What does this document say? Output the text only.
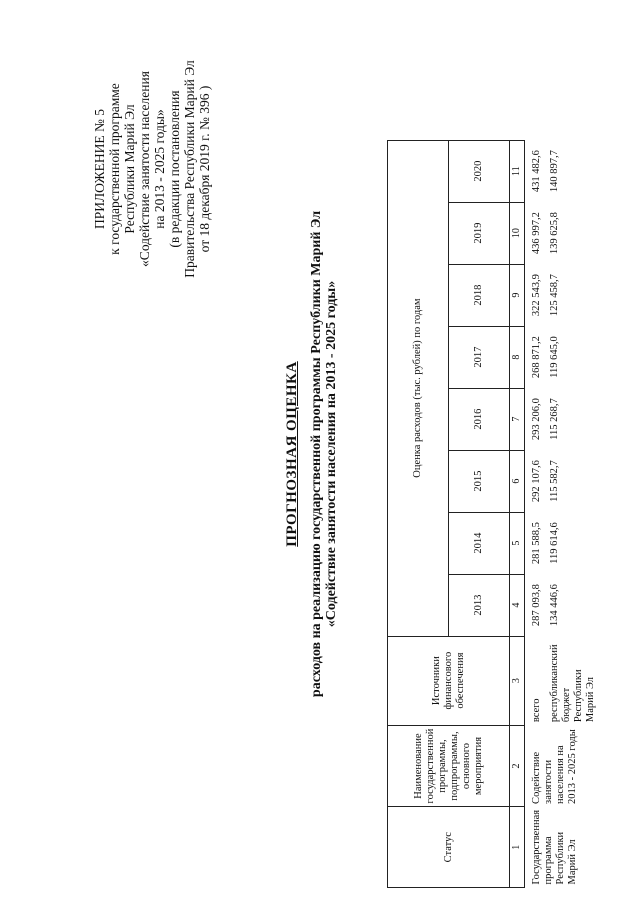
ПРИЛОЖЕНИЕ № 5 к государственной программе Республики Марий Эл «Содействие занятости населения на 2013 - 2025 годы» (в редакции постановления Правительства Республики Марий Эл от 18 декабря 2019 г. № 396 )
ПРОГНОЗНАЯ ОЦЕНКА расходов на реализацию государственной программы Республики Марий Эл «Содействие занятости населения на 2013 - 2025 годы»
Статус	Наименование государственной программы, подпрограммы, основного мероприятия	Источники финансового обеспечения	Оценка расходов (тыс. рублей) по годам							
			2013	2014	2015	2016	2017	2018	2019	2020
1	2	3	4	5	6	7	8	9	10	11
Государственная программа Республики Марий Эл	Содействие занятости населения на 2013 - 2025 годы	всего	287 093,8	281 588,5	292 107,6	293 206,0	268 871,2	322 543,9	436 997,2	431 482,6
		республиканский бюджет Республики Марий Эл	134 446,6	119 614,6	115 582,7	115 268,7	119 645,0	125 458,7	139 625,8	140 897,7
